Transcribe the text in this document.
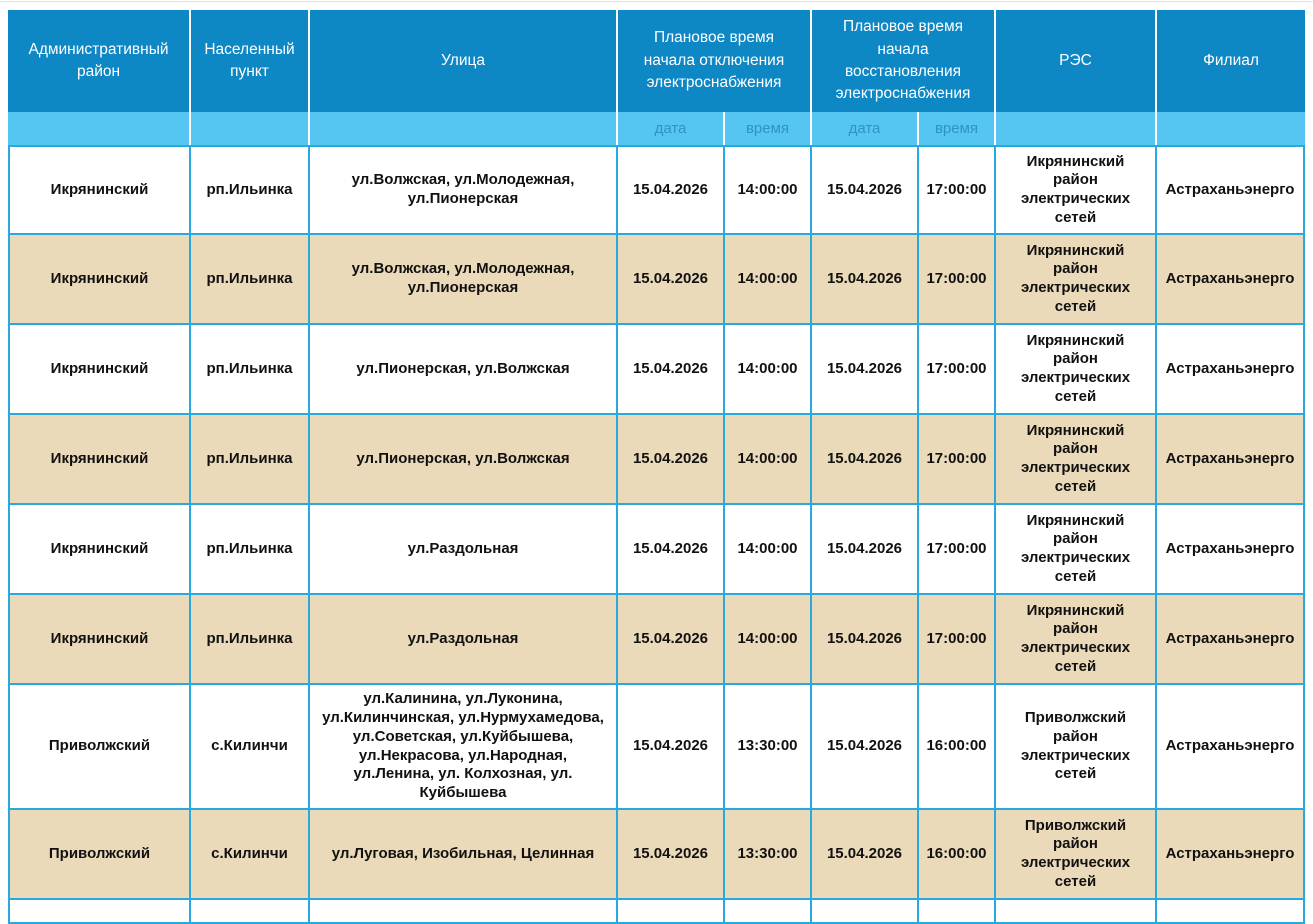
Административный район	Населенный пункт	Улица	Плановое время начала отключения электроснабжения		Плановое время начала восстановления электроснабжения		РЭС	Филиал
			дата	время	дата	время		
Икрянинский	рп.Ильинка	ул.Волжская, ул.Молодежная, ул.Пионерская	15.04.2026	14:00:00	15.04.2026	17:00:00	Икрянинский район электрических сетей	Астраханьэнерго
Икрянинский	рп.Ильинка	ул.Волжская, ул.Молодежная, ул.Пионерская	15.04.2026	14:00:00	15.04.2026	17:00:00	Икрянинский район электрических сетей	Астраханьэнерго
Икрянинский	рп.Ильинка	ул.Пионерская, ул.Волжская	15.04.2026	14:00:00	15.04.2026	17:00:00	Икрянинский район электрических сетей	Астраханьэнерго
Икрянинский	рп.Ильинка	ул.Пионерская, ул.Волжская	15.04.2026	14:00:00	15.04.2026	17:00:00	Икрянинский район электрических сетей	Астраханьэнерго
Икрянинский	рп.Ильинка	ул.Раздольная	15.04.2026	14:00:00	15.04.2026	17:00:00	Икрянинский район электрических сетей	Астраханьэнерго
Икрянинский	рп.Ильинка	ул.Раздольная	15.04.2026	14:00:00	15.04.2026	17:00:00	Икрянинский район электрических сетей	Астраханьэнерго
Приволжский	с.Килинчи	ул.Калинина, ул.Луконина, ул.Килинчинская, ул.Нурмухамедова, ул.Советская, ул.Куйбышева, ул.Некрасова, ул.Народная, ул.Ленина, ул. Колхозная, ул. Куйбышева	15.04.2026	13:30:00	15.04.2026	16:00:00	Приволжский район электрических сетей	Астраханьэнерго
Приволжский	с.Килинчи	ул.Луговая, Изобильная, Целинная	15.04.2026	13:30:00	15.04.2026	16:00:00	Приволжский район электрических сетей	Астраханьэнерго
